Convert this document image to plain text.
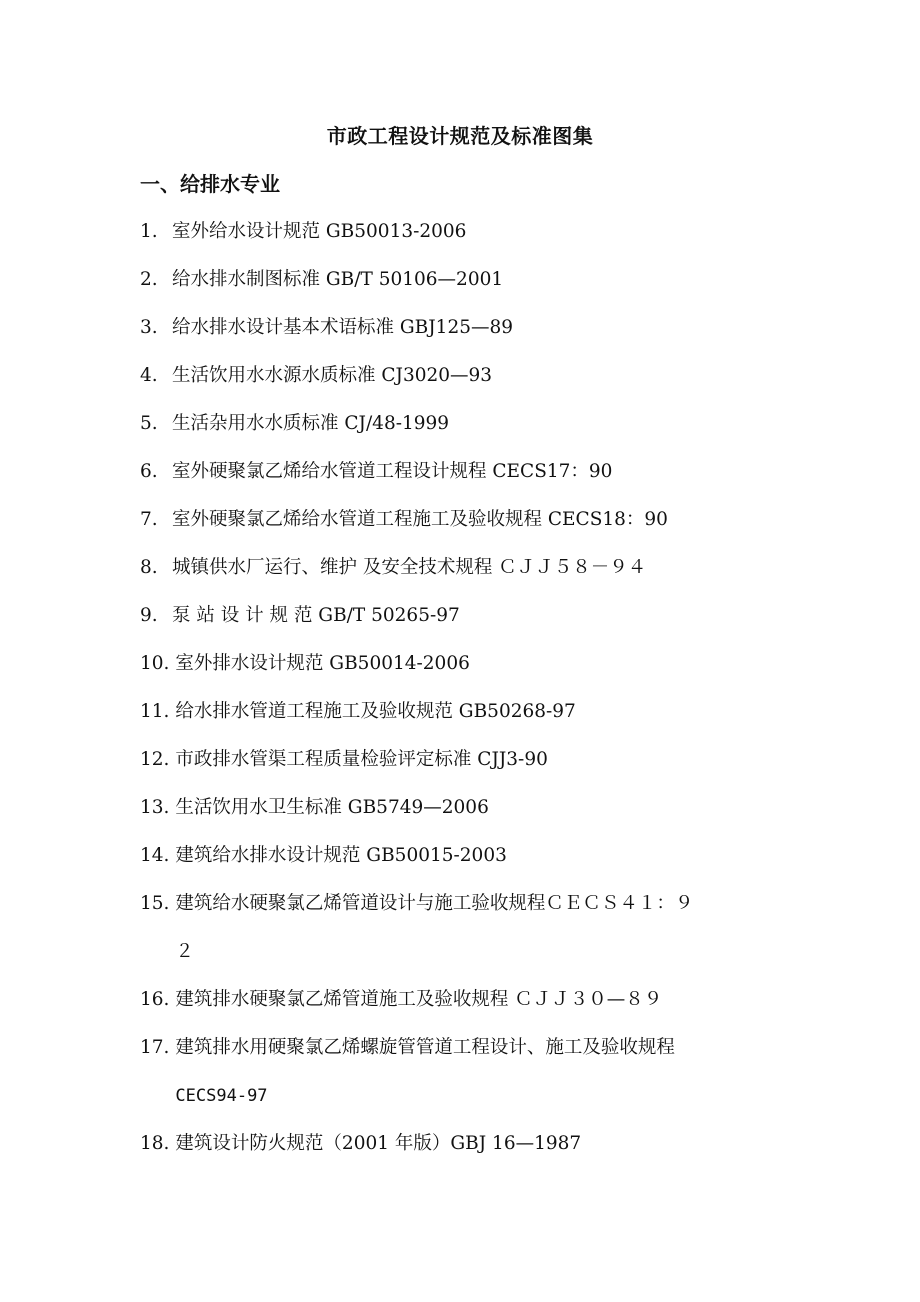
市政工程设计规范及标准图集
一、给排水专业
1. 室外给水设计规范 GB50013-2006
2. 给水排水制图标准 GB/T 50106—2001
3. 给水排水设计基本术语标准 GBJ125—89
4. 生活饮用水水源水质标准 CJ3020—93
5. 生活杂用水水质标准 CJ/48-1999
6. 室外硬聚氯乙烯给水管道工程设计规程 CECS17：90
7. 室外硬聚氯乙烯给水管道工程施工及验收规程 CECS18：90
8. 城镇供水厂运行、维护 及安全技术规程 ＣＪＪ５８－９４
9. 泵 站 设 计 规 范 GB/T 50265-97
10. 室外排水设计规范 GB50014-2006
11. 给水排水管道工程施工及验收规范 GB50268-97
12. 市政排水管渠工程质量检验评定标准 CJJ3-90
13. 生活饮用水卫生标准 GB5749—2006
14. 建筑给水排水设计规范 GB50015-2003
15. 建筑给水硬聚氯乙烯管道设计与施工验收规程ＣＥＣＳ４１：９
２
16. 建筑排水硬聚氯乙烯管道施工及验收规程 ＣＪＪ３０—８９
17. 建筑排水用硬聚氯乙烯螺旋管管道工程设计、施工及验收规程
CECS94-97
18. 建筑设计防火规范（2001 年版）GBJ 16—1987
